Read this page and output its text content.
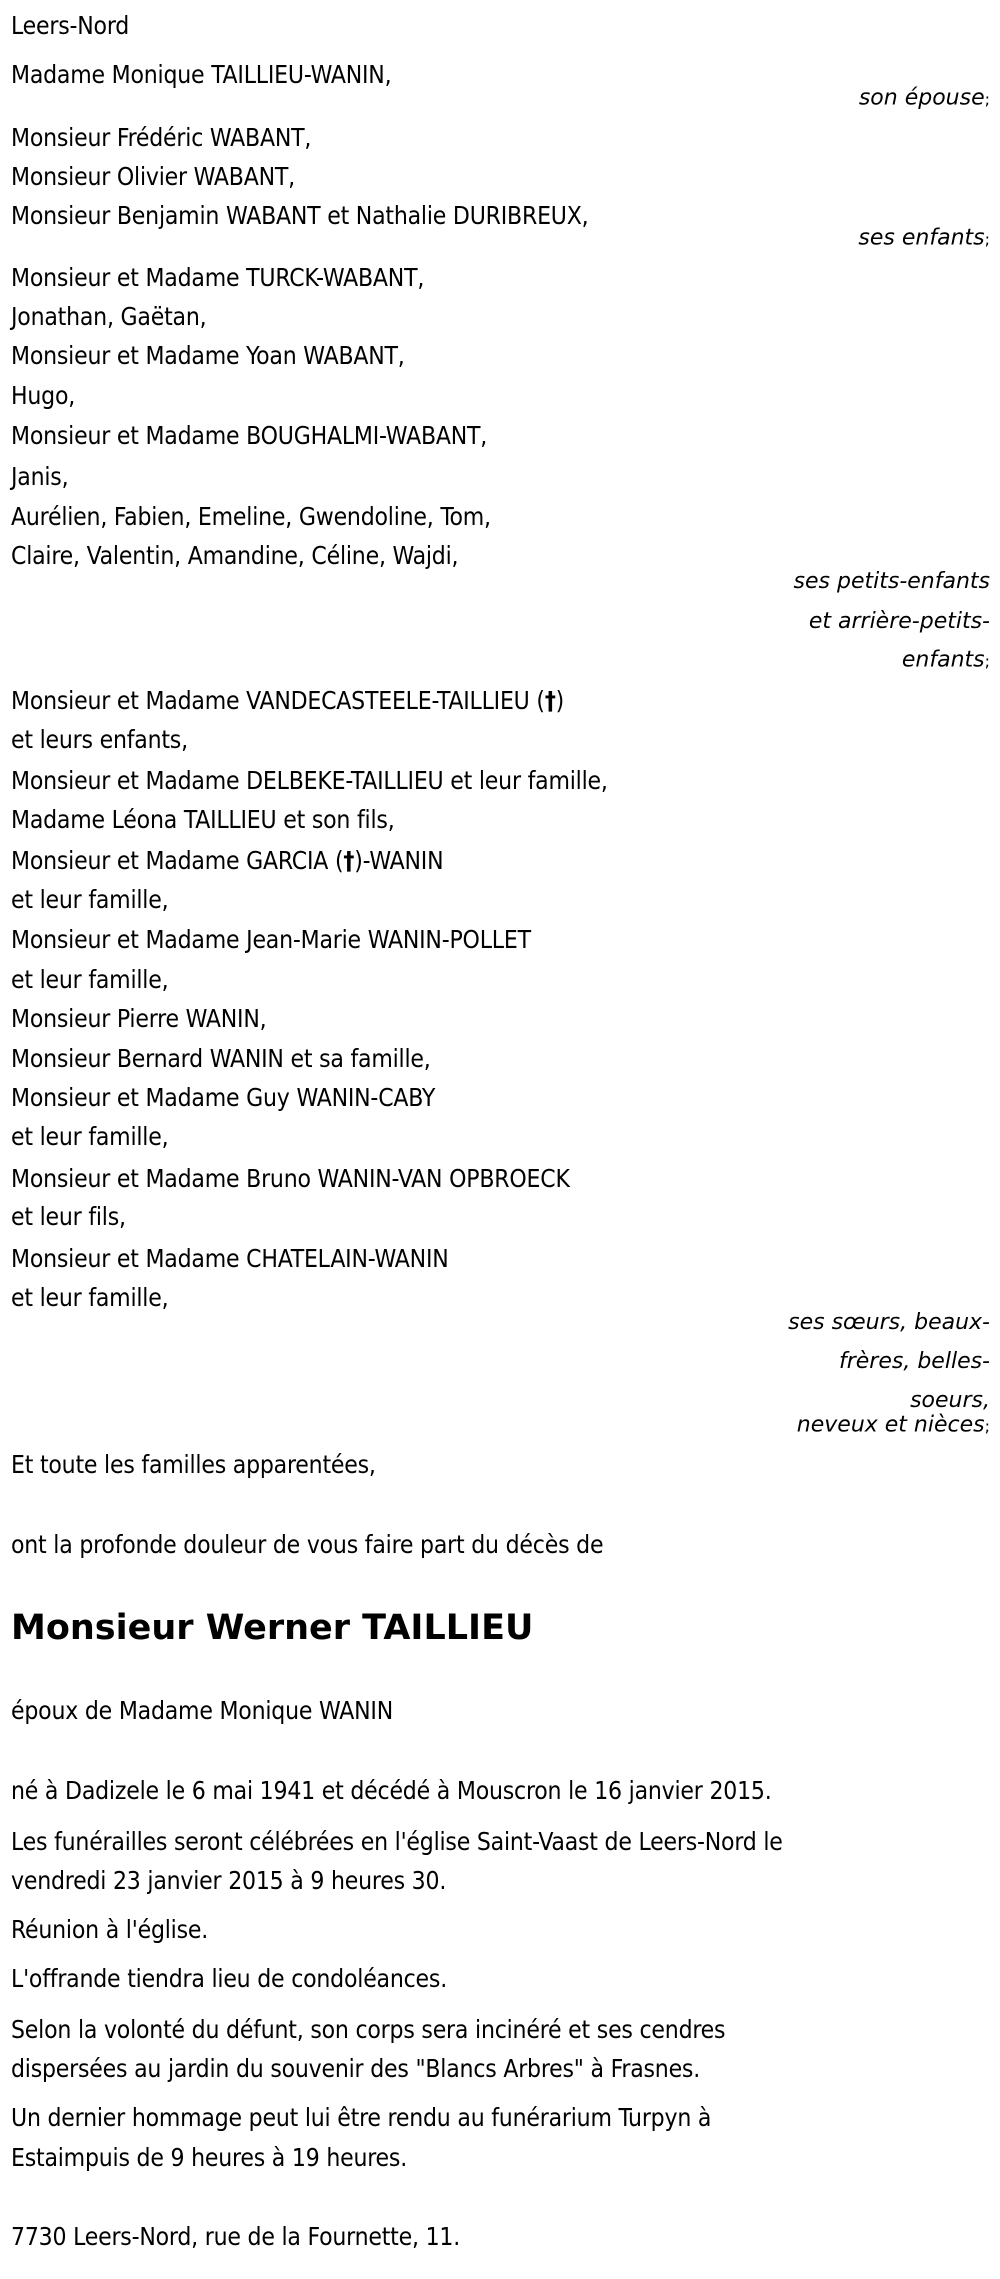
Leers-Nord
Madame Monique TAILLIEU-WANIN,
son épouse;
Monsieur Frédéric WABANT,
Monsieur Olivier WABANT,
Monsieur Benjamin WABANT et Nathalie DURIBREUX,
ses enfants;
Monsieur et Madame TURCK-WABANT,
Jonathan, Gaëtan,
Monsieur et Madame Yoan WABANT,
Hugo,
Monsieur et Madame BOUGHALMI-WABANT,
Janis,
Aurélien, Fabien, Emeline, Gwendoline, Tom,
Claire, Valentin, Amandine, Céline, Wajdi,
ses petits-enfants
et arrière-petits-
enfants;
Monsieur et Madame VANDECASTEELE-TAILLIEU (†)
et leurs enfants,
Monsieur et Madame DELBEKE-TAILLIEU et leur famille,
Madame Léona TAILLIEU et son fils,
Monsieur et Madame GARCIA (†)-WANIN
et leur famille,
Monsieur et Madame Jean-Marie WANIN-POLLET
et leur famille,
Monsieur Pierre WANIN,
Monsieur Bernard WANIN et sa famille,
Monsieur et Madame Guy WANIN-CABY
et leur famille,
Monsieur et Madame Bruno WANIN-VAN OPBROECK
et leur fils,
Monsieur et Madame CHATELAIN-WANIN
et leur famille,
ses sœurs, beaux-
frères, belles-
soeurs,
neveux et nièces;
Et toute les familles apparentées,
ont la profonde douleur de vous faire part du décès de
Monsieur Werner TAILLIEU
époux de Madame Monique WANIN
né à Dadizele le 6 mai 1941 et décédé à Mouscron le 16 janvier 2015.
Les funérailles seront célébrées en l'église Saint-Vaast de Leers-Nord le
vendredi 23 janvier 2015 à 9 heures 30.
Réunion à l'église.
L'offrande tiendra lieu de condoléances.
Selon la volonté du défunt, son corps sera incinéré et ses cendres
dispersées au jardin du souvenir des "Blancs Arbres" à Frasnes.
Un dernier hommage peut lui être rendu au funérarium Turpyn à
Estaimpuis de 9 heures à 19 heures.
7730 Leers-Nord, rue de la Fournette, 11.
